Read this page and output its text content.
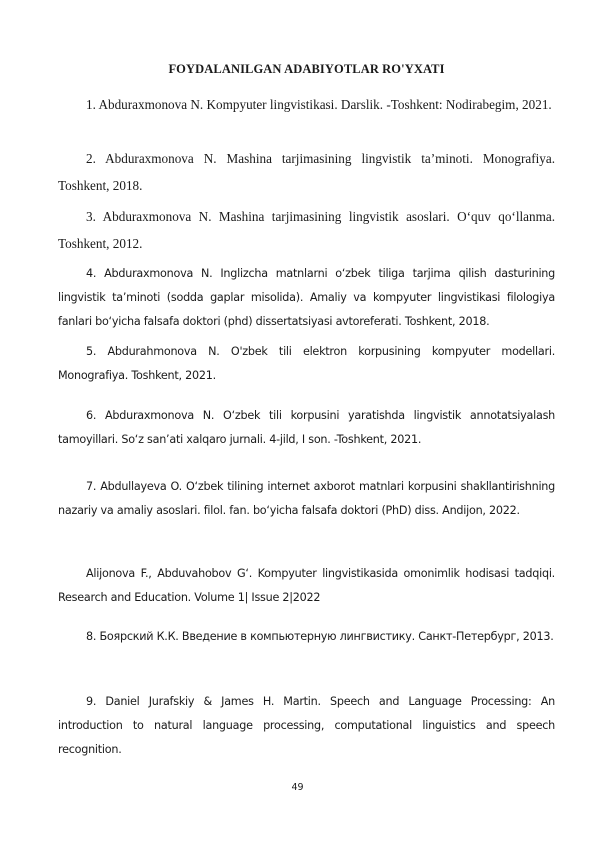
FOYDALANILGAN ADABIYOTLAR RO'YXATI

1. Abduraxmonova N. Kompyuter lingvistikasi. Darslik. -Toshkent: Nodirabegim, 2021.

2. Abduraxmonova N. Mashina tarjimasining lingvistik ta’minoti. Monografiya. Toshkent, 2018.

3. Abduraxmonova N. Mashina tarjimasining lingvistik asoslari. O‘quv qo‘llanma. Toshkent, 2012.

4. Abduraxmonova N. Inglizcha matnlarni o‘zbek tiliga tarjima qilish dasturining lingvistik ta’minoti (sodda gaplar misolida). Amaliy va kompyuter lingvistikasi filologiya fanlari bo‘yicha falsafa doktori (phd) dissertatsiyasi avtoreferati. Toshkent, 2018.

5. Abdurahmonova N. O'zbek tili elektron korpusining kompyuter modellari. Monografiya. Toshkent, 2021.

6. Abduraxmonova N. O‘zbek tili korpusini yaratishda lingvistik annotatsiyalash tamoyillari. So‘z san’ati xalqaro jurnali. 4-jild, I son. -Toshkent, 2021.

7. Abdullayeva O. O‘zbek tilining internet axborot matnlari korpusini shakllantirishning nazariy va amaliy asoslari. filol. fan. bo‘yicha falsafa doktori (PhD) diss. Andijon, 2022.

Alijonova F., Abduvahobov G‘. Kompyuter lingvistikasida omonimlik hodisasi tadqiqi. Research and Education. Volume 1| Issue 2|2022

8. Боярский К.К. Введение в компьютерную лингвистику. Санкт-Петербург, 2013.

9. Daniel Jurafskiy & James H. Martin. Speech and Language Processing: An introduction to natural language processing, computational linguistics and speech recognition.

49
